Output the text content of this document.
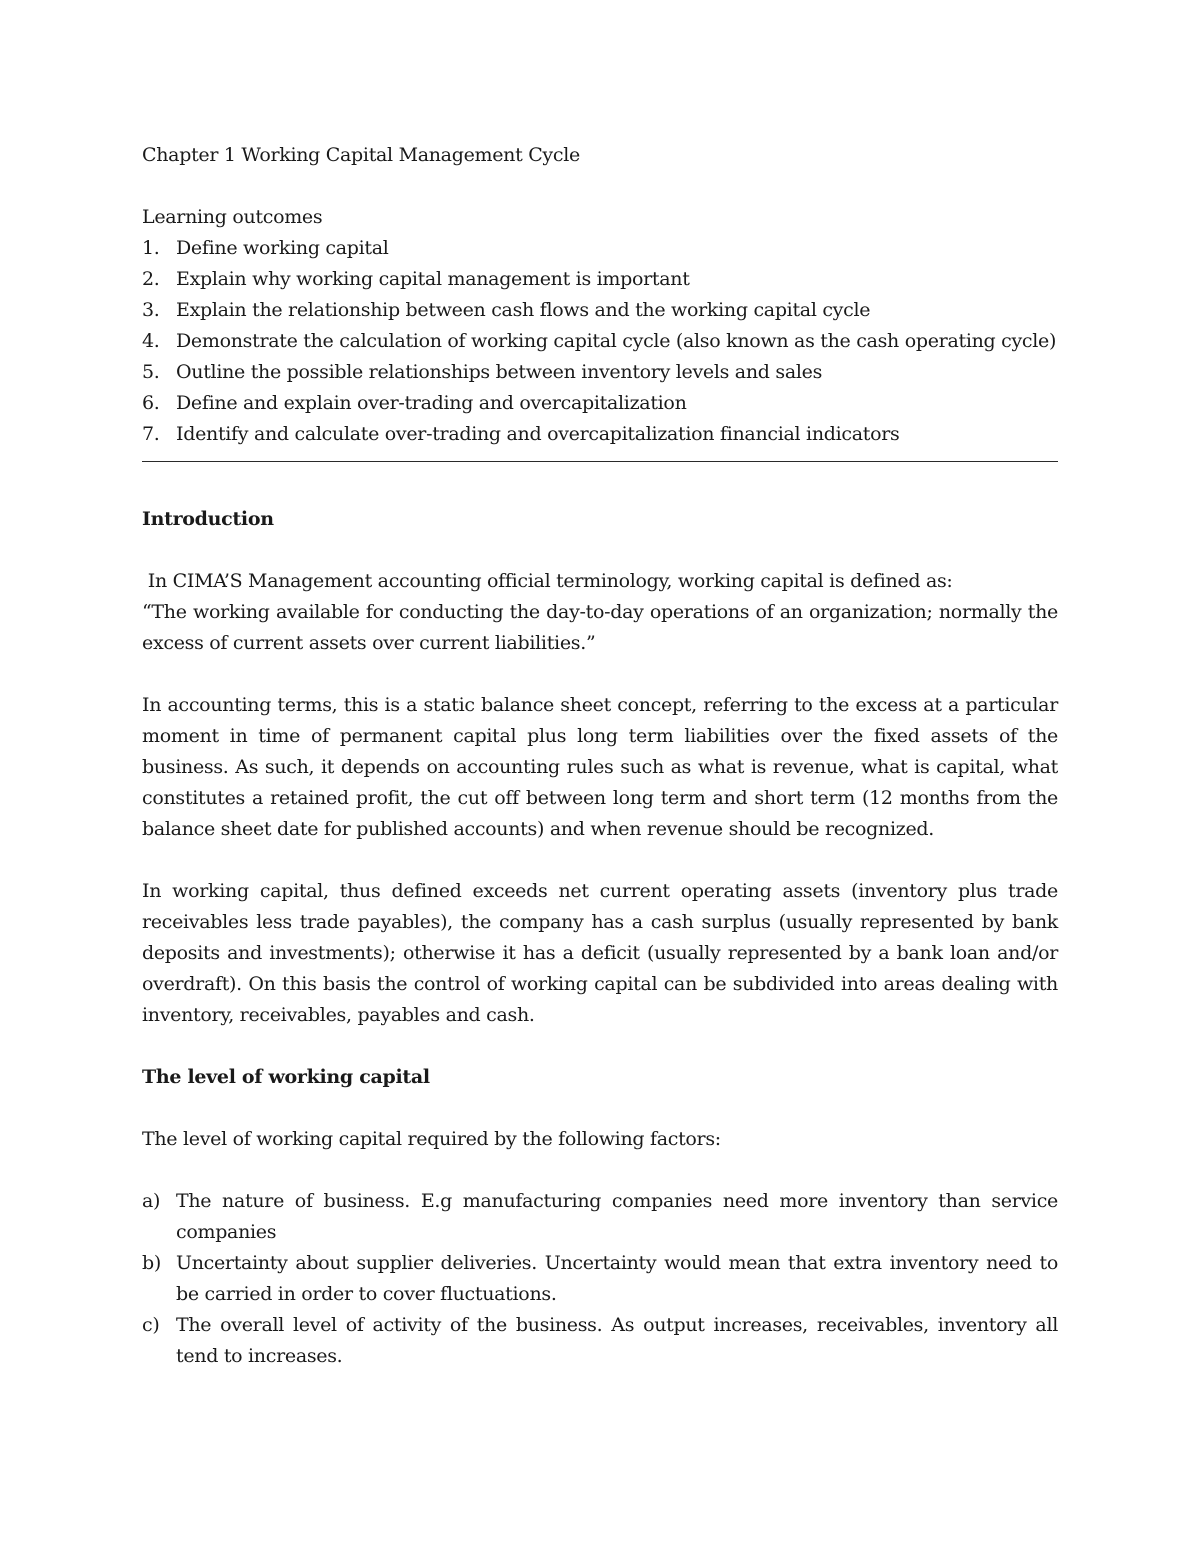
Chapter 1 Working Capital Management Cycle

Learning outcomes

1. Define working capital
2. Explain why working capital management is important
3. Explain the relationship between cash flows and the working capital cycle
4. Demonstrate the calculation of working capital cycle (also known as the cash operating cycle)
5. Outline the possible relationships between inventory levels and sales
6. Define and explain over-trading and overcapitalization
7. Identify and calculate over-trading and overcapitalization financial indicators

Introduction

In CIMA’S Management accounting official terminology, working capital is defined as:

“The working available for conducting the day-to-day operations of an organization; normally the excess of current assets over current liabilities.”

In accounting terms, this is a static balance sheet concept, referring to the excess at a particular moment in time of permanent capital plus long term liabilities over the fixed assets of the business. As such, it depends on accounting rules such as what is revenue, what is capital, what constitutes a retained profit, the cut off between long term and short term (12 months from the balance sheet date for published accounts) and when revenue should be recognized.

In working capital, thus defined exceeds net current operating assets (inventory plus trade receivables less trade payables), the company has a cash surplus (usually represented by bank deposits and investments); otherwise it has a deficit (usually represented by a bank loan and/or overdraft). On this basis the control of working capital can be subdivided into areas dealing with inventory, receivables, payables and cash.

The level of working capital

The level of working capital required by the following factors:

a) The nature of business. E.g manufacturing companies need more inventory than service companies
b) Uncertainty about supplier deliveries. Uncertainty would mean that extra inventory need to be carried in order to cover fluctuations.
c) The overall level of activity of the business. As output increases, receivables, inventory all tend to increases.
